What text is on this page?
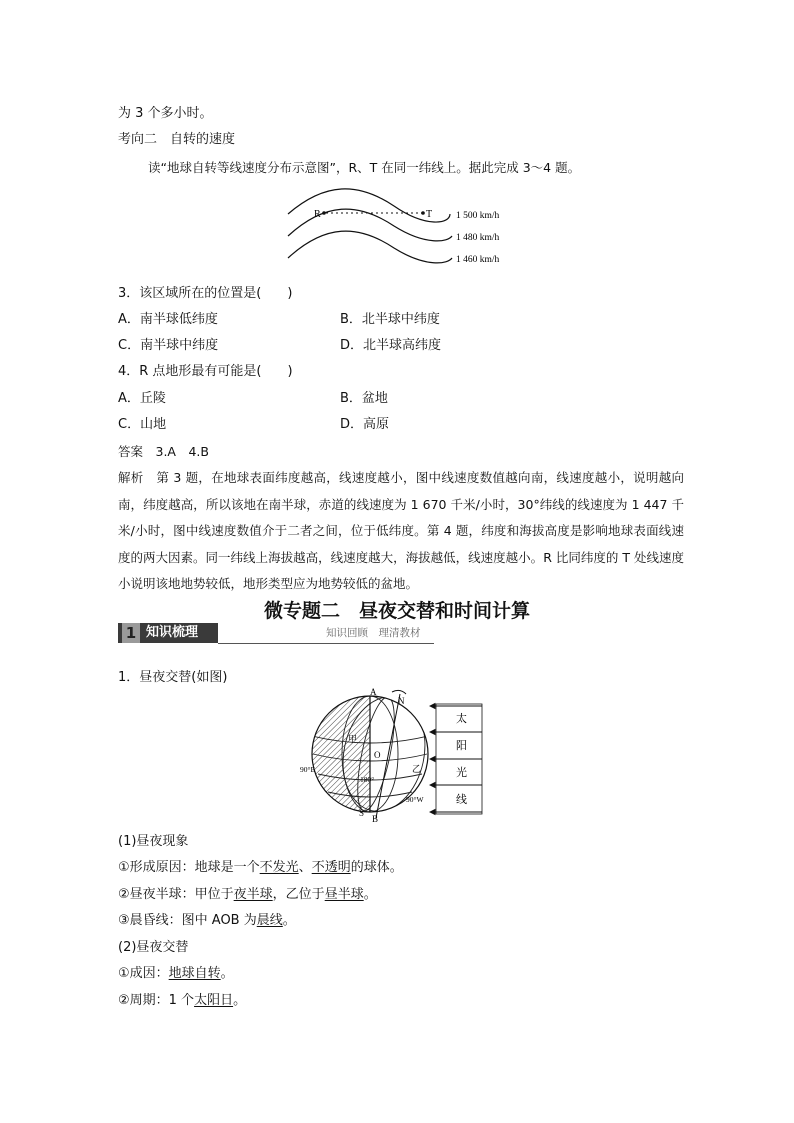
为 3 个多小时。
考向二　自转的速度
读“地球自转等线速度分布示意图”，R、T 在同一纬线上。据此完成 3～4 题。
R	T	1 500 km/h
1 480 km/h
1 460 km/h
3．该区域所在的位置是(　　)
A．南半球低纬度	B．北半球中纬度
C．南半球中纬度	D．北半球高纬度
4．R 点地形最有可能是(　　)
A．丘陵	B．盆地
C．山地	D．高原
答案　3.A　4.B
解析　第 3 题，在地球表面纬度越高，线速度越小，图中线速度数值越向南，线速度越小，说明越向南，纬度越高，所以该地在南半球，赤道的线速度为 1 670 千米/小时，30°纬线的线速度为 1 447 千米/小时，图中线速度数值介于二者之间，位于低纬度。第 4 题，纬度和海拔高度是影响地球表面线速度的两大因素。同一纬线上海拔越高，线速度越大，海拔越低，线速度越小。R 比同纬度的 T 处线速度小说明该地地势较低，地形类型应为地势较低的盆地。
微专题二　昼夜交替和时间计算
1 知识梳理	知识回顾　理清教材
1．昼夜交替(如图)
太
阳
光
线
A
N
O
甲
乙
90°E
180°
90°W
S
B
(1)昼夜现象
①形成原因：地球是一个不发光、不透明的球体。
②昼夜半球：甲位于夜半球，乙位于昼半球。
③晨昏线：图中 AOB 为晨线。
(2)昼夜交替
①成因：地球自转。
②周期：1 个太阳日。
